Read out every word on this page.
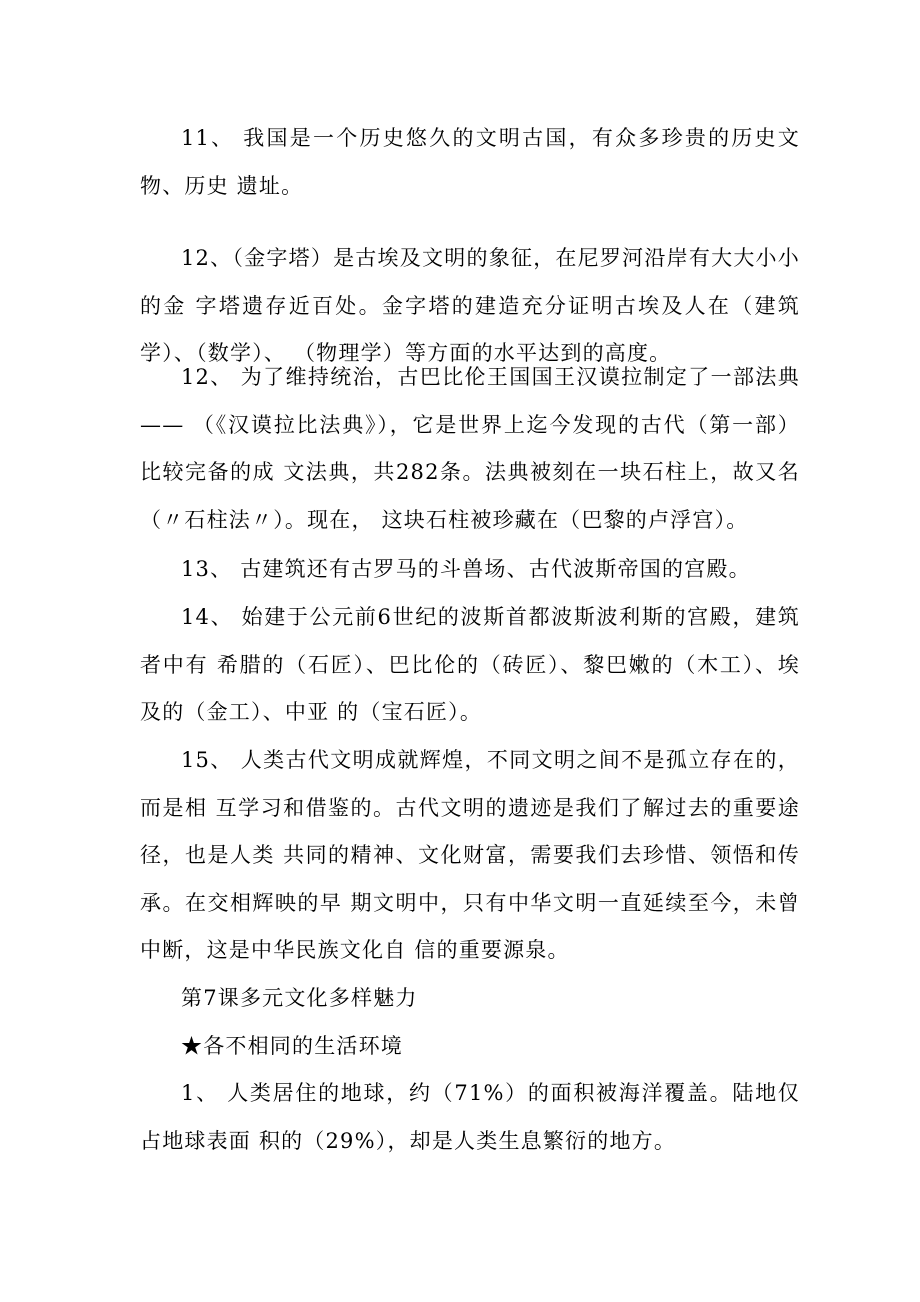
11、 我国是一个历史悠久的文明古国，有众多珍贵的历史文物、历史 遗址。

12、（金字塔）是古埃及文明的象征，在尼罗河沿岸有大大小小的金 字塔遗存近百处。金字塔的建造充分证明古埃及人在（建筑学）、（数学）、 （物理学）等方面的水平达到的高度。

12、 为了维持统治，古巴比伦王国国王汉谟拉制定了一部法典—— （《汉谟拉比法典》），它是世界上迄今发现的古代（第一部）比较完备的成 文法典，共282条。法典被刻在一块石柱上，故又名（〃石柱法〃）。现在， 这块石柱被珍藏在（巴黎的卢浮宫）。

13、 古建筑还有古罗马的斗兽场、古代波斯帝国的宫殿。

14、 始建于公元前6世纪的波斯首都波斯波利斯的宫殿，建筑者中有 希腊的（石匠）、巴比伦的（砖匠）、黎巴嫩的（木工）、埃及的（金工）、中亚 的（宝石匠）。

15、 人类古代文明成就辉煌，不同文明之间不是孤立存在的，而是相 互学习和借鉴的。古代文明的遗迹是我们了解过去的重要途径，也是人类 共同的精神、文化财富，需要我们去珍惜、领悟和传承。在交相辉映的早 期文明中，只有中华文明一直延续至今，未曾中断，这是中华民族文化自 信的重要源泉。

第7课多元文化多样魅力

★各不相同的生活环境

1、 人类居住的地球，约（71%）的面积被海洋覆盖。陆地仅占地球表面 积的（29%），却是人类生息繁衍的地方。
